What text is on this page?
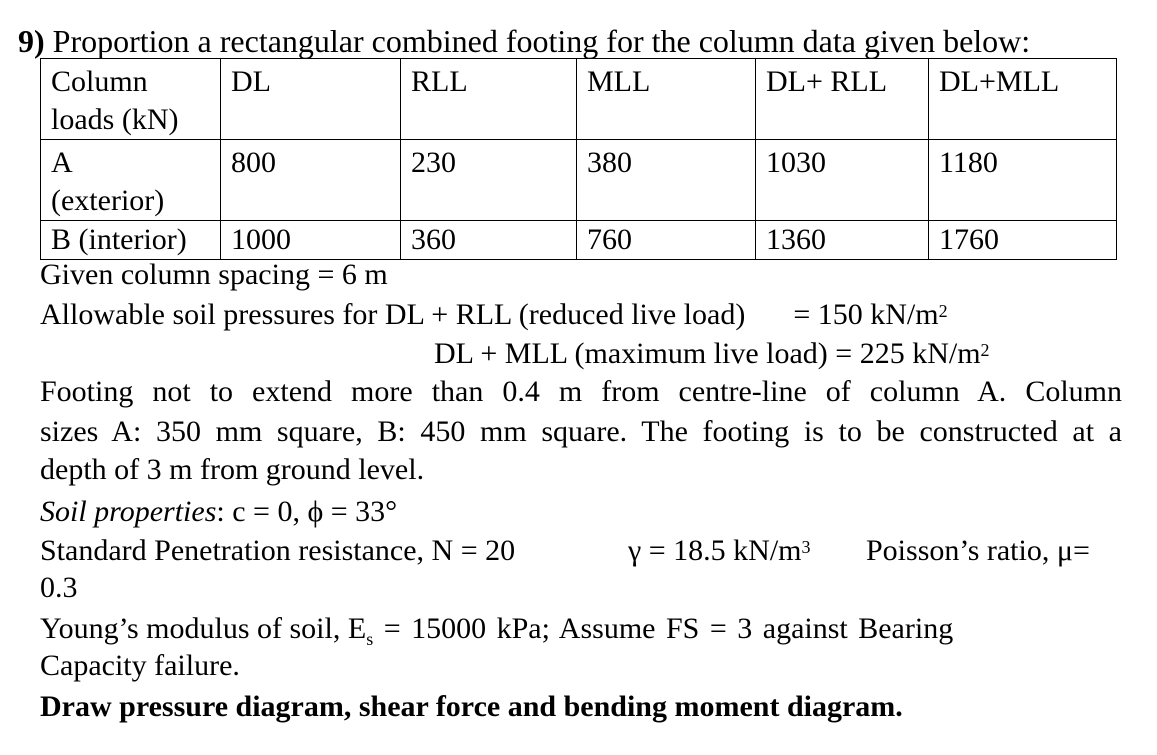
9) Proportion a rectangular combined footing for the column data given below:
Column
loads (kN)	DL	RLL	MLL	DL+ RLL	DL+MLL
A
(exterior)	800	230	380	1030	1180
B (interior)	1000	360	760	1360	1760
Given column spacing = 6 m
Allowable soil pressures for DL + RLL (reduced live load) = 150 $kN/m^2$
DL + MLL (maximum live load) = 225 $kN/m^2$
Footing not to extend more than 0.4 m from centre-line of column A. Column
sizes A: 350 mm square, B: 450 mm square. The footing is to be constructed at a
depth of 3 m from ground level.
Soil properties: c = 0, ϕ = 33°
Standard Penetration resistance, N = 20	γ = 18.5 $kN/m^3$ Poisson’s ratio, μ=
0.3
Young’s modulus of soil, $E_s = 15000$ kPa; Assume FS = 3 against Bearing
Capacity failure.
Draw pressure diagram, shear force and bending moment diagram.
